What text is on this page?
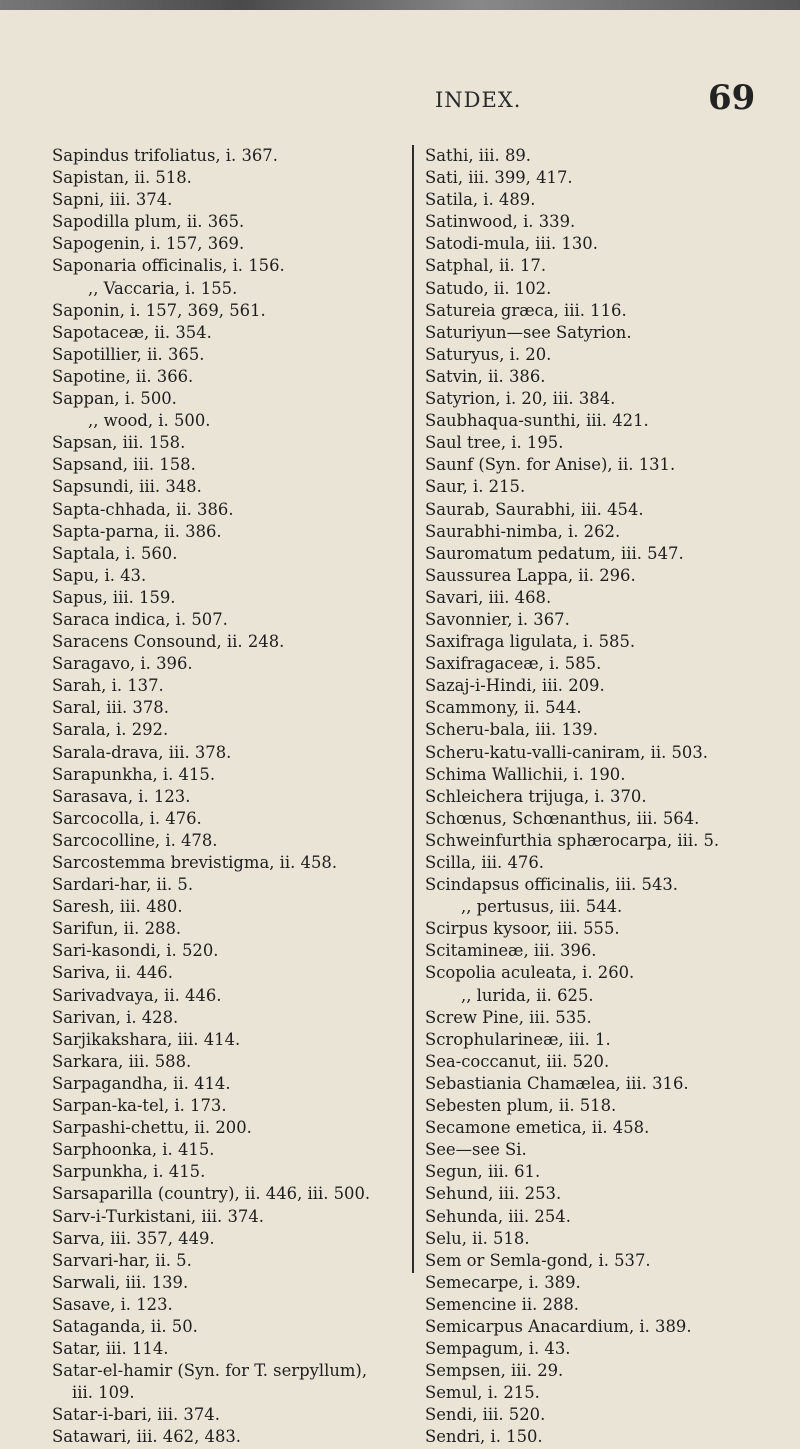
INDEX.	69
Sapindus trifoliatus, i. 367.
Sapistan, ii. 518.
Sapni, iii. 374.
Sapodilla plum, ii. 365.
Sapogenin, i. 157, 369.
Saponaria officinalis, i. 156.
,, Vaccaria, i. 155.
Saponin, i. 157, 369, 561.
Sapotaceæ, ii. 354.
Sapotillier, ii. 365.
Sapotine, ii. 366.
Sappan, i. 500.
,, wood, i. 500.
Sapsan, iii. 158.
Sapsand, iii. 158.
Sapsundi, iii. 348.
Sapta-chhada, ii. 386.
Sapta-parna, ii. 386.
Saptala, i. 560.
Sapu, i. 43.
Sapus, iii. 159.
Saraca indica, i. 507.
Saracens Consound, ii. 248.
Saragavo, i. 396.
Sarah, i. 137.
Saral, iii. 378.
Sarala, i. 292.
Sarala-drava, iii. 378.
Sarapunkha, i. 415.
Sarasava, i. 123.
Sarcocolla, i. 476.
Sarcocolline, i. 478.
Sarcostemma brevistigma, ii. 458.
Sardari-har, ii. 5.
Saresh, iii. 480.
Sarifun, ii. 288.
Sari-kasondi, i. 520.
Sariva, ii. 446.
Sarivadvaya, ii. 446.
Sarivan, i. 428.
Sarjikakshara, iii. 414.
Sarkara, iii. 588.
Sarpagandha, ii. 414.
Sarpan-ka-tel, i. 173.
Sarpashi-chettu, ii. 200.
Sarphoonka, i. 415.
Sarpunkha, i. 415.
Sarsaparilla (country), ii. 446, iii. 500.
Sarv-i-Turkistani, iii. 374.
Sarva, iii. 357, 449.
Sarvari-har, ii. 5.
Sarwali, iii. 139.
Sasave, i. 123.
Sataganda, ii. 50.
Satar, iii. 114.
Satar-el-hamir (Syn. for T. serpyllum),
iii. 109.
Satar-i-bari, iii. 374.
Satawari, iii. 462, 483.
Sathi, iii. 89.
Sati, iii. 399, 417.
Satila, i. 489.
Satinwood, i. 339.
Satodi-mula, iii. 130.
Satphal, ii. 17.
Satudo, ii. 102.
Satureia græca, iii. 116.
Saturiyun—see Satyrion.
Saturyus, i. 20.
Satvin, ii. 386.
Satyrion, i. 20, iii. 384.
Saubhaqua-sunthi, iii. 421.
Saul tree, i. 195.
Saunf (Syn. for Anise), ii. 131.
Saur, i. 215.
Saurab, Saurabhi, iii. 454.
Saurabhi-nimba, i. 262.
Sauromatum pedatum, iii. 547.
Saussurea Lappa, ii. 296.
Savari, iii. 468.
Savonnier, i. 367.
Saxifraga ligulata, i. 585.
Saxifragaceæ, i. 585.
Sazaj-i-Hindi, iii. 209.
Scammony, ii. 544.
Scheru-bala, iii. 139.
Scheru-katu-valli-caniram, ii. 503.
Schima Wallichii, i. 190.
Schleichera trijuga, i. 370.
Schœnus, Schœnanthus, iii. 564.
Schweinfurthia sphærocarpa, iii. 5.
Scilla, iii. 476.
Scindapsus officinalis, iii. 543.
,, pertusus, iii. 544.
Scirpus kysoor, iii. 555.
Scitamineæ, iii. 396.
Scopolia aculeata, i. 260.
,, lurida, ii. 625.
Screw Pine, iii. 535.
Scrophularineæ, iii. 1.
Sea-coccanut, iii. 520.
Sebastiania Chamælea, iii. 316.
Sebesten plum, ii. 518.
Secamone emetica, ii. 458.
See—see Si.
Segun, iii. 61.
Sehund, iii. 253.
Sehunda, iii. 254.
Selu, ii. 518.
Sem or Semla-gond, i. 537.
Semecarpe, i. 389.
Semencine ii. 288.
Semicarpus Anacardium, i. 389.
Sempagum, i. 43.
Sempsen, iii. 29.
Semul, i. 215.
Sendi, iii. 520.
Sendri, i. 150.
